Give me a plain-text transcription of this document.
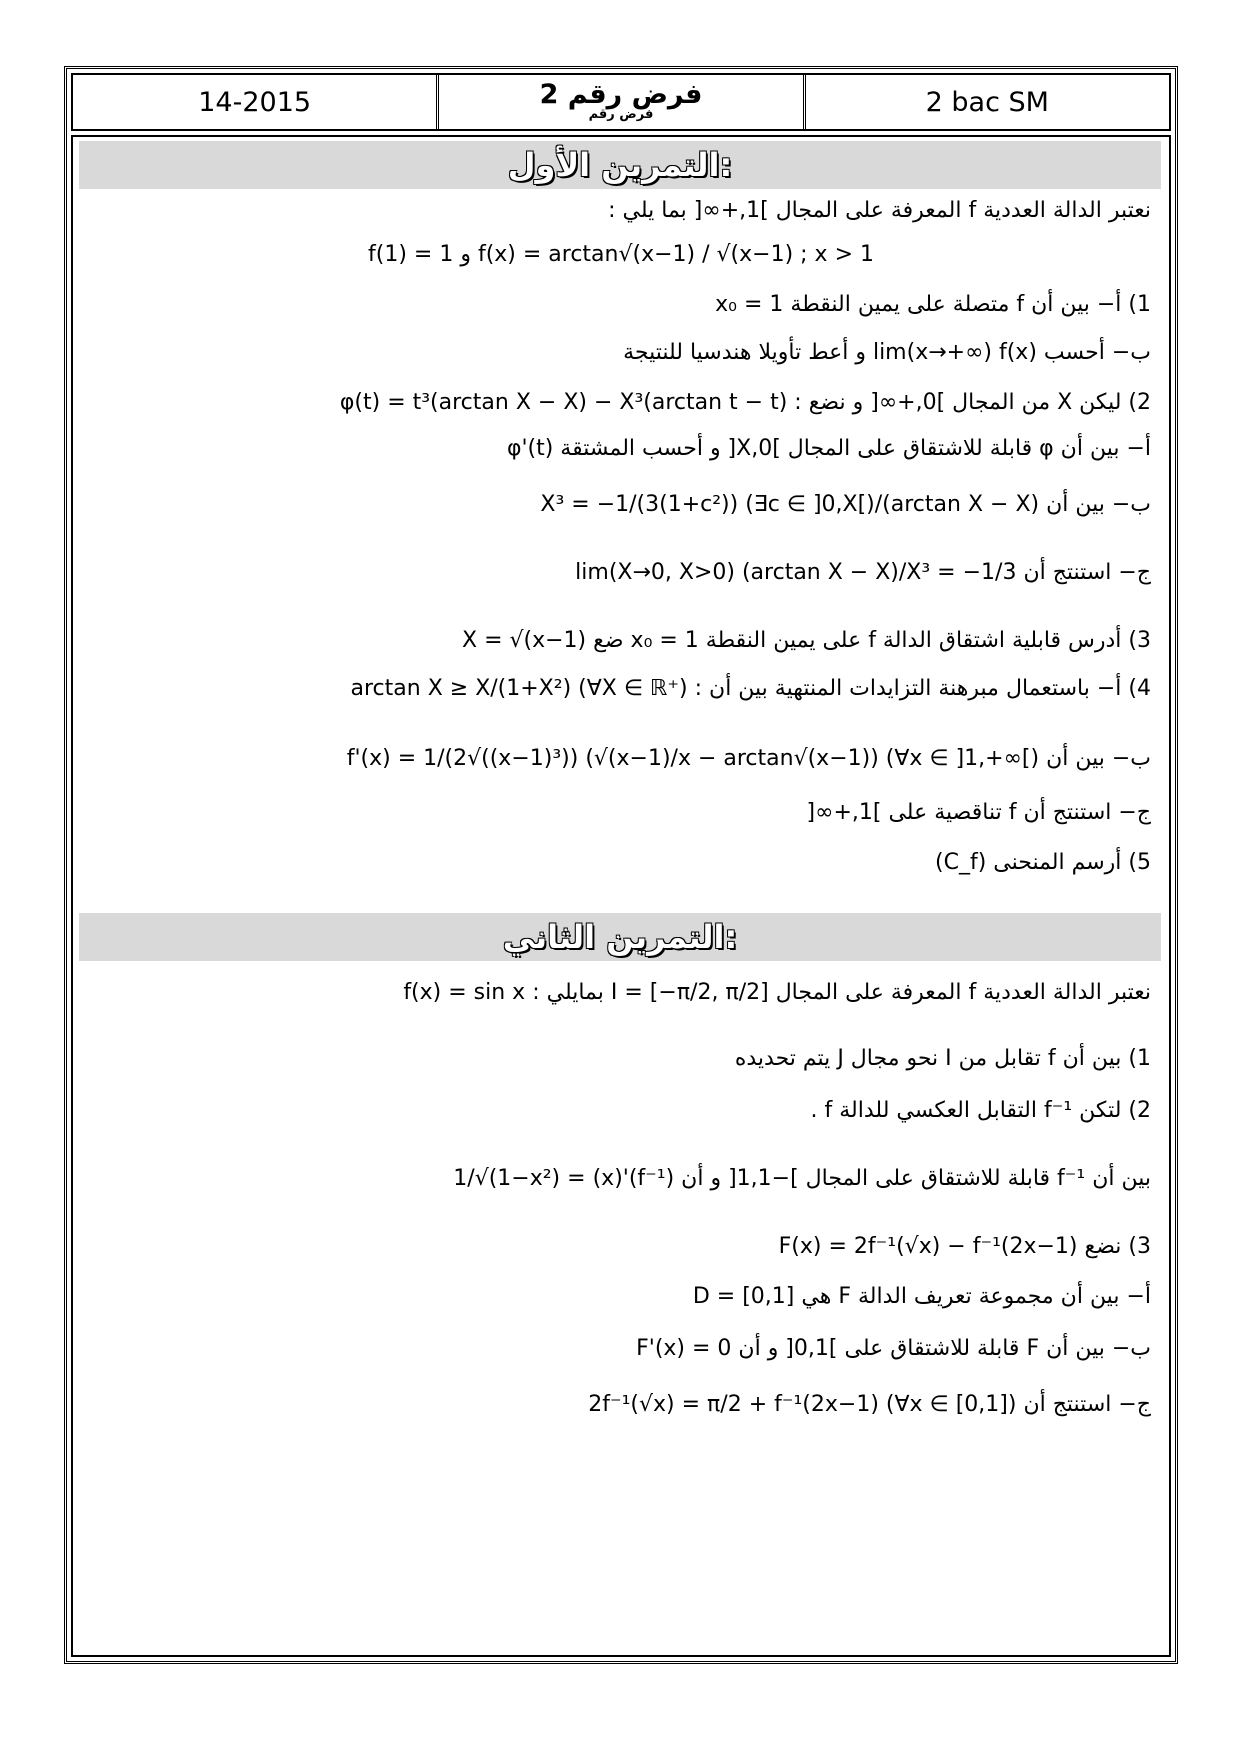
14-2015	فرض رقم 2
فرض رقم	2 bac SM
التمرين الأول:
نعتبر الدالة العددية f المعرفة على المجال ]1,+∞[ بما يلي :
f(1) = 1 و f(x) = arctan√(x−1) / √(x−1) ; x > 1
1) أ− بين أن f متصلة على يمين النقطة x₀ = 1
ب− أحسب lim(x→+∞) f(x) و أعط تأويلا هندسيا للنتيجة
2) ليكن X من المجال ]0,+∞[ و نضع : φ(t) = t³(arctan X − X) − X³(arctan t − t)
أ− بين أن φ قابلة للاشتقاق على المجال ]0,X[ و أحسب المشتقة φ'(t)
ب− بين أن (arctan X − X)/X³ = −1/(3(1+c²)) (∃c ∈ ]0,X[)
ج− استنتج أن lim(X→0, X>0) (arctan X − X)/X³ = −1/3
3) أدرس قابلية اشتقاق الدالة f على يمين النقطة x₀ = 1 ضع X = √(x−1)
4) أ− باستعمال مبرهنة التزايدات المنتهية بين أن : arctan X ≥ X/(1+X²) (∀X ∈ ℝ⁺)
ب− بين أن f'(x) = 1/(2√((x−1)³)) (√(x−1)/x − arctan√(x−1)) (∀x ∈ ]1,+∞[)
ج− استنتج أن f تناقصية على ]1,+∞[
5) أرسم المنحنى (C_f)
التمرين الثاني:
نعتبر الدالة العددية f المعرفة على المجال I = [−π/2, π/2] بمايلي : f(x) = sin x
1) بين أن f تقابل من I نحو مجال J يتم تحديده
2) لتكن f⁻¹ التقابل العكسي للدالة f .
بين أن f⁻¹ قابلة للاشتقاق على المجال ]−1,1[ و أن (f⁻¹)'(x) = 1/√(1−x²)
3) نضع F(x) = 2f⁻¹(√x) − f⁻¹(2x−1)
أ− بين أن مجموعة تعريف الدالة F هي D = [0,1]
ب− بين أن F قابلة للاشتقاق على ]0,1[ و أن F'(x) = 0
ج− استنتج أن 2f⁻¹(√x) = π/2 + f⁻¹(2x−1) (∀x ∈ [0,1])
